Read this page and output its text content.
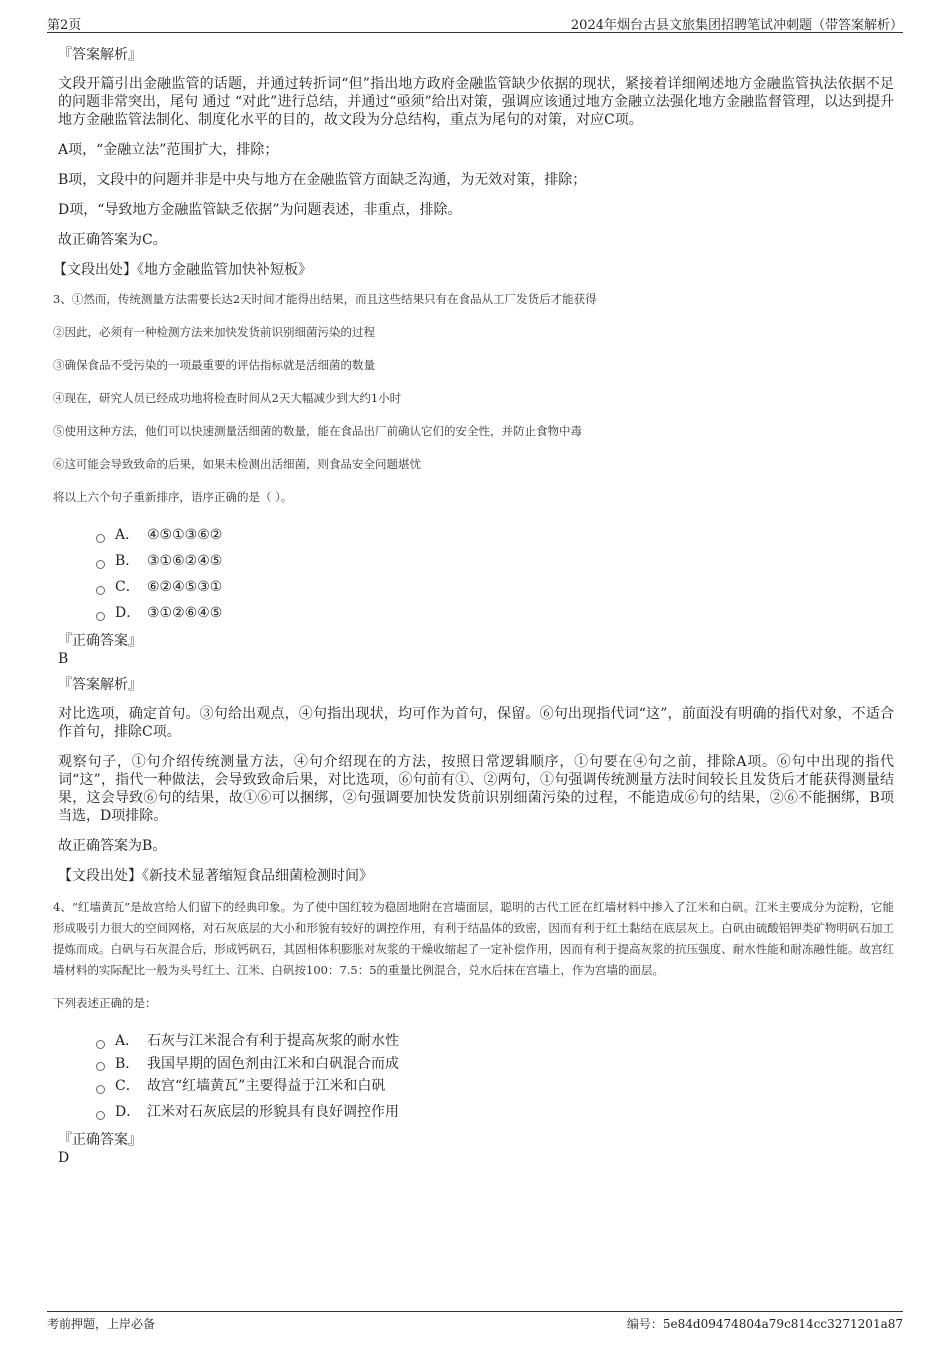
第2页	2024年烟台古县文旅集团招聘笔试冲刺题（带答案解析）
『答案解析』

文段开篇引出金融监管的话题，并通过转折词“但”指出地方政府金融监管缺少依据的现状，紧接着详细阐述地方金融监管执法依据不足的问题非常突出，尾句 通过 “对此”进行总结，并通过“亟须”给出对策，强调应该通过地方金融立法强化地方金融监督管理，以达到提升地方金融监管法制化、制度化水平的目的，故文段为分总结构，重点为尾句的对策，对应C项。

A项，“金融立法”范围扩大，排除；

B项，文段中的问题并非是中央与地方在金融监管方面缺乏沟通，为无效对策，排除；

D项，“导致地方金融监管缺乏依据”为问题表述，非重点，排除。

故正确答案为C。

【文段出处】《地方金融监管加快补短板》
3、①然而，传统测量方法需要长达2天时间才能得出结果，而且这些结果只有在食品从工厂发货后才能获得
②因此，必须有一种检测方法来加快发货前识别细菌污染的过程
③确保食品不受污染的一项最重要的评估指标就是活细菌的数量
④现在，研究人员已经成功地将检查时间从2天大幅减少到大约1小时
⑤使用这种方法，他们可以快速测量活细菌的数量，能在食品出厂前确认它们的安全性，并防止食物中毒
⑥这可能会导致致命的后果，如果未检测出活细菌，则食品安全问题堪忧
将以上六个句子重新排序，语序正确的是（ ）。
A． ④⑤①③⑥②
B． ③①⑥②④⑤
C． ⑥②④⑤③①
D． ③①②⑥④⑤
『正确答案』
B
『答案解析』

对比选项，确定首句。③句给出观点，④句指出现状，均可作为首句，保留。⑥句出现指代词“这”，前面没有明确的指代对象，不适合作首句，排除C项。

观察句子，①句介绍传统测量方法，④句介绍现在的方法，按照日常逻辑顺序，①句要在④句之前，排除A项。⑥句中出现的指代词“这”，指代一种做法，会导致致命后果，对比选项，⑥句前有①、②两句，①句强调传统测量方法时间较长且发货后才能获得测量结果，这会导致⑥句的结果，故①⑥可以捆绑，②句强调要加快发货前识别细菌污染的过程，不能造成⑥句的结果，②⑥不能捆绑，B项当选，D项排除。

故正确答案为B。

【文段出处】《新技术显著缩短食品细菌检测时间》

4、“红墙黄瓦”是故宫给人们留下的经典印象。为了使中国红较为稳固地附在宫墙面层，聪明的古代工匠在红墙材料中掺入了江米和白矾。江米主要成分为淀粉，它能形成吸引力很大的空间网格，对石灰底层的大小和形貌有较好的调控作用，有利于结晶体的致密，因而有利于红土黏结在底层灰上。白矾由硫酸铝钾类矿物明矾石加工提炼而成。白矾与石灰混合后，形成钙矾石，其固相体积膨胀对灰浆的干燥收缩起了一定补偿作用，因而有利于提高灰浆的抗压强度、耐水性能和耐冻融性能。故宫红墙材料的实际配比一般为头号红土、江米、白矾按100：7.5：5的重量比例混合，兑水后抹在宫墙上，作为宫墙的面层。

下列表述正确的是：
A． 石灰与江米混合有利于提高灰浆的耐水性
B． 我国早期的固色剂由江米和白矾混合而成
C． 故宫“红墙黄瓦”主要得益于江米和白矾
D． 江米对石灰底层的形貌具有良好调控作用
『正确答案』
D
考前押题，上岸必备	编号：5e84d09474804a79c814cc3271201a87
